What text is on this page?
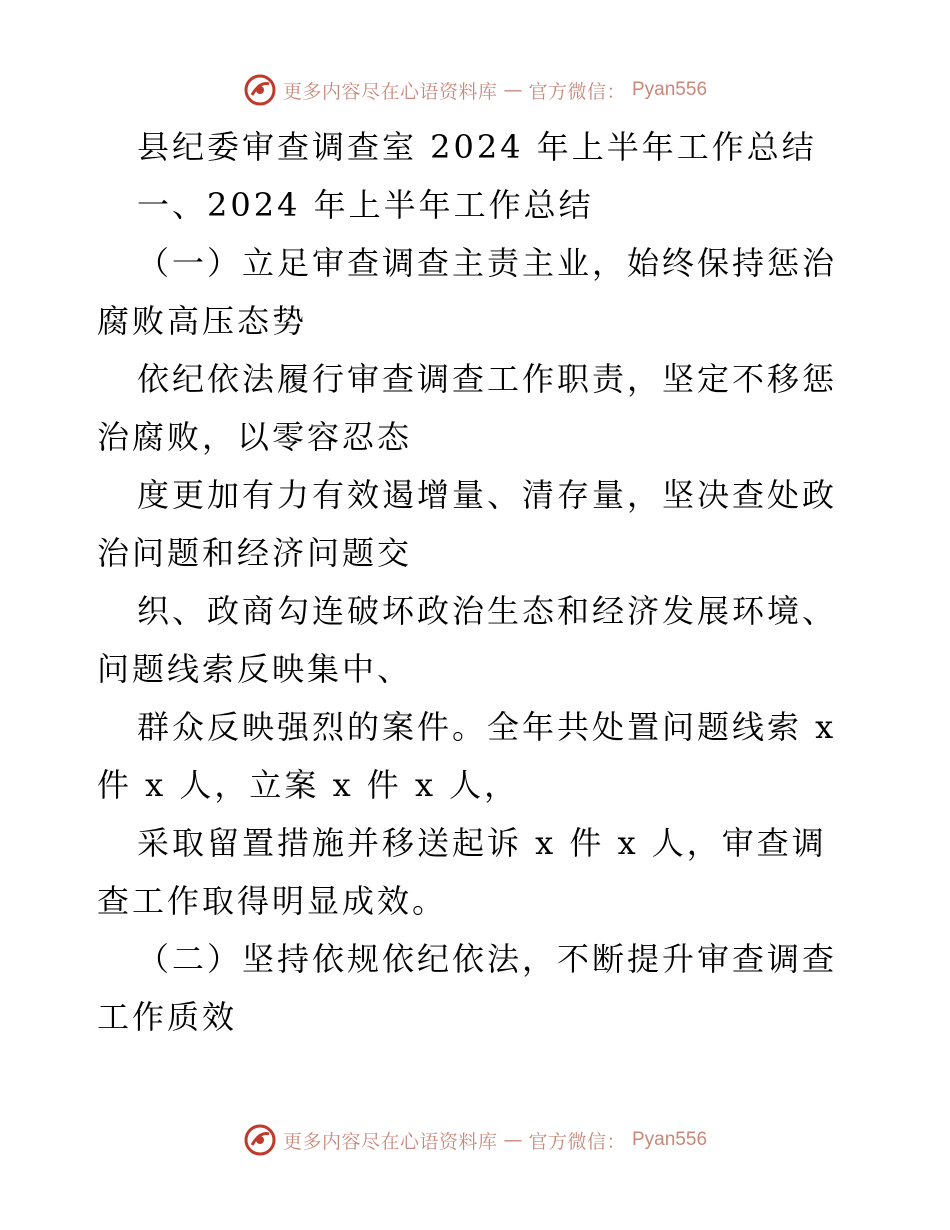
更多内容尽在心语资料库 — 官方微信： Pyan556

县纪委审查调查室 2024 年上半年工作总结

一、2024 年上半年工作总结

（一）立足审查调查主责主业，始终保持惩治腐败高压态势

依纪依法履行审查调查工作职责，坚定不移惩治腐败，以零容忍态

度更加有力有效遏增量、清存量，坚决查处政治问题和经济问题交

织、政商勾连破坏政治生态和经济发展环境、问题线索反映集中、

群众反映强烈的案件。全年共处置问题线索 x 件 x 人，立案 x 件 x 人，

采取留置措施并移送起诉 x 件 x 人，审查调查工作取得明显成效。

（二）坚持依规依纪依法，不断提升审查调查工作质效

更多内容尽在心语资料库 — 官方微信： Pyan556
